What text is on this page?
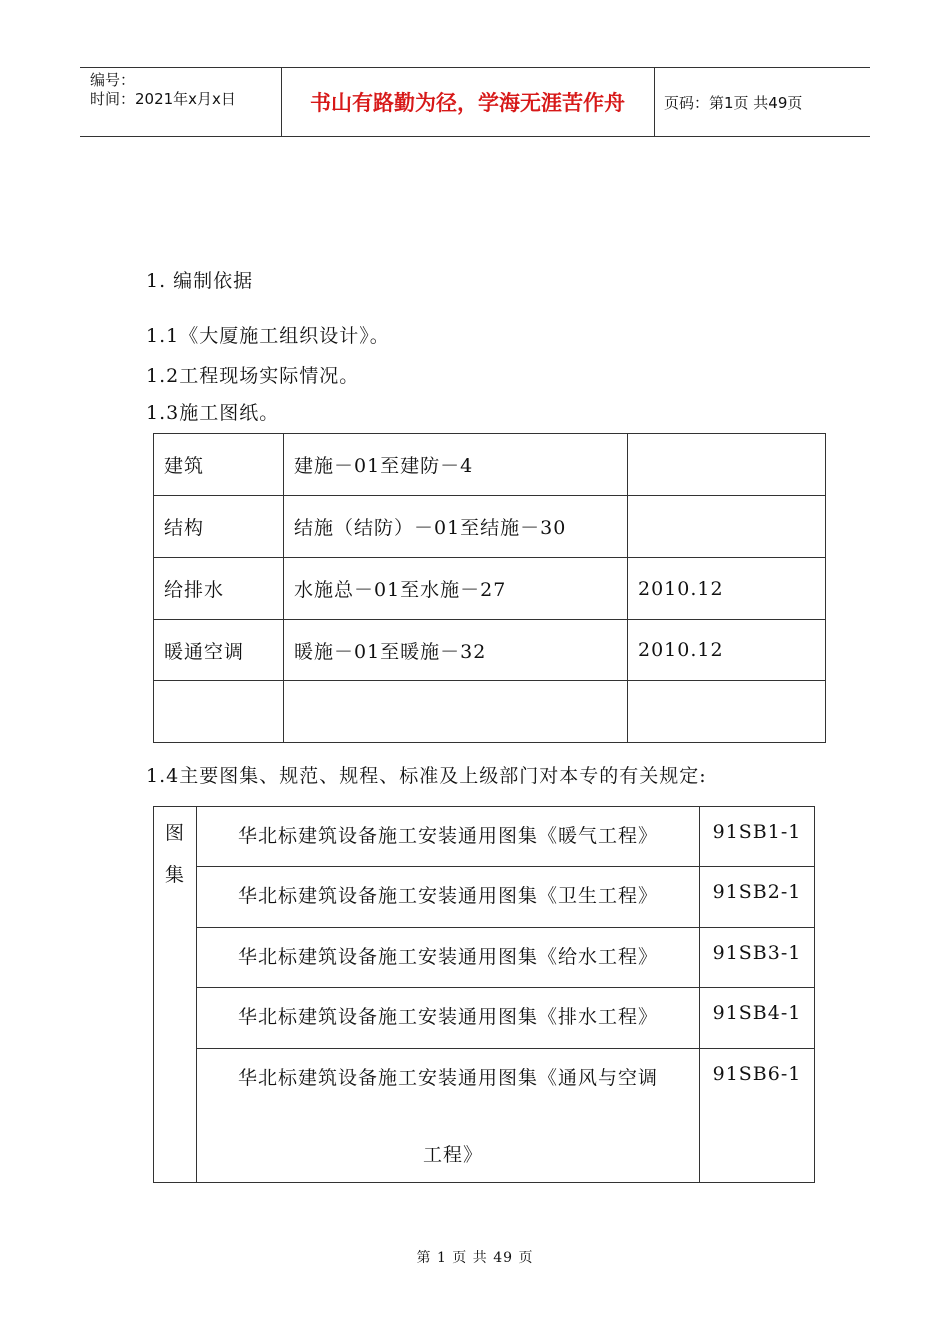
编号：
时间：2021年x月x日	书山有路勤为径，学海无涯苦作舟	页码：第1页 共49页
1. 编制依据
1.1《大厦施工组织设计》。
1.2工程现场实际情况。
1.3施工图纸。
建筑	建施－01至建防－4	
结构	结施（结防）－01至结施－30	
给排水	水施总－01至水施－27	2010.12
暖通空调	暖施－01至暖施－32	2010.12

1.4主要图集、规范、规程、标准及上级部门对本专的有关规定:
图
集	华北标建筑设备施工安装通用图集《暖气工程》	91SB1-1
	华北标建筑设备施工安装通用图集《卫生工程》	91SB2-1
	华北标建筑设备施工安装通用图集《给水工程》	91SB3-1
	华北标建筑设备施工安装通用图集《排水工程》	91SB4-1

	华北标建筑设备施工安装通用图集《通风与空调
工程》	91SB6-1
第 1 页 共 49 页
